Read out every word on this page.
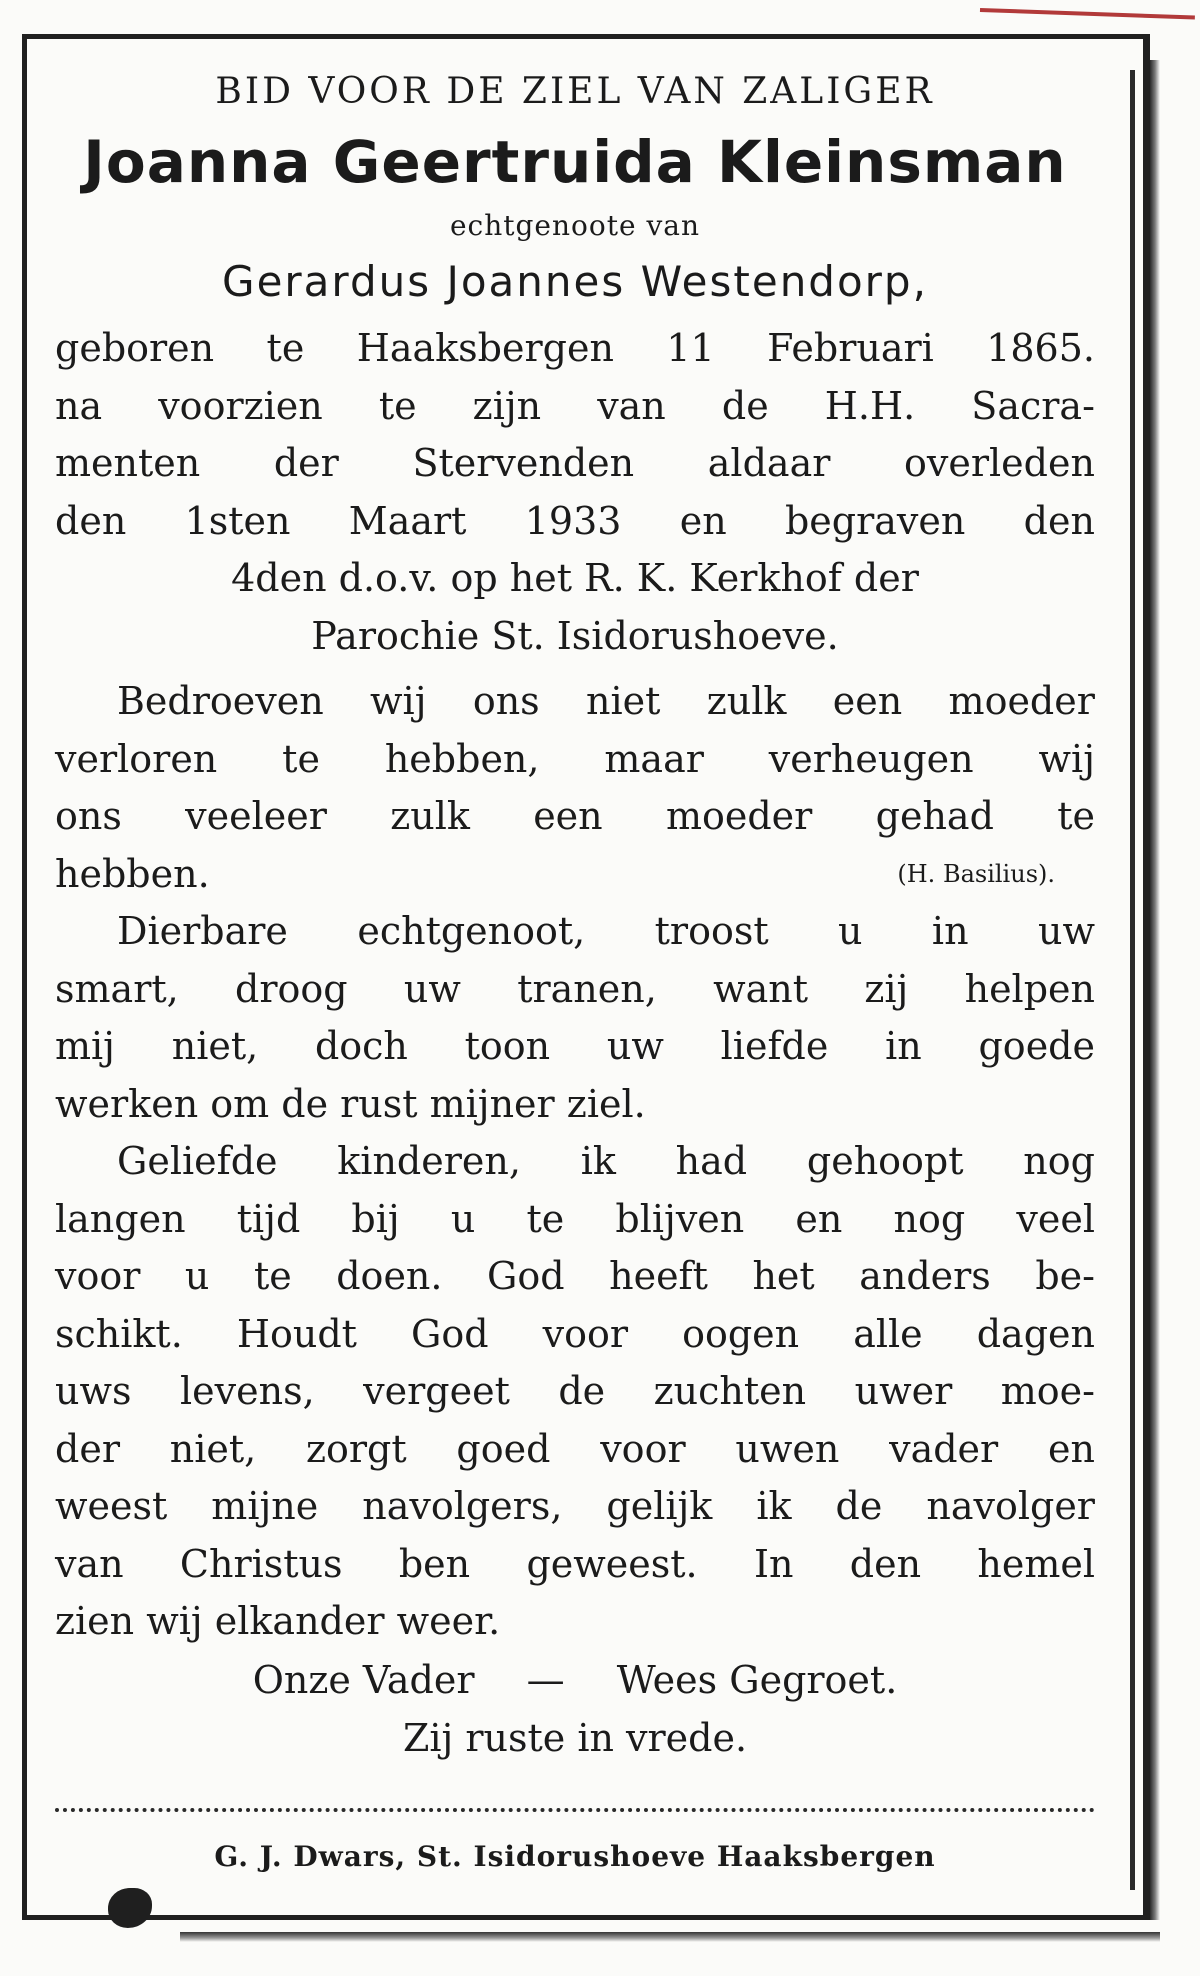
BID VOOR DE ZIEL VAN ZALIGER

Joanna Geertruida Kleinsman

echtgenoote van

Gerardus Joannes Westendorp,

geboren te Haaksbergen 11 Februari 1865.
na voorzien te zijn van de H.H. Sacra-
menten der Stervenden aldaar overleden
den 1sten Maart 1933 en begraven den

4den d.o.v. op het R. K. Kerkhof der

Parochie St. Isidorushoeve.

Bedroeven wij ons niet zulk een moeder
verloren te hebben, maar verheugen wij
ons veeleer zulk een moeder gehad te
hebben.	(H. Basilius).
Dierbare echtgenoot, troost u in uw
smart, droog uw tranen, want zij helpen
mij niet, doch toon uw liefde in goede

werken om de rust mijner ziel.

Geliefde kinderen, ik had gehoopt nog
langen tijd bij u te blijven en nog veel
voor u te doen. God heeft het anders be-
schikt. Houdt God voor oogen alle dagen
uws levens, vergeet de zuchten uwer moe-
der niet, zorgt goed voor uwen vader en
weest mijne navolgers, gelijk ik de navolger
van Christus ben geweest. In den hemel

zien wij elkander weer.

Onze Vader — Wees Gegroet.

Zij ruste in vrede.

G. J. Dwars, St. Isidorushoeve Haaksbergen
